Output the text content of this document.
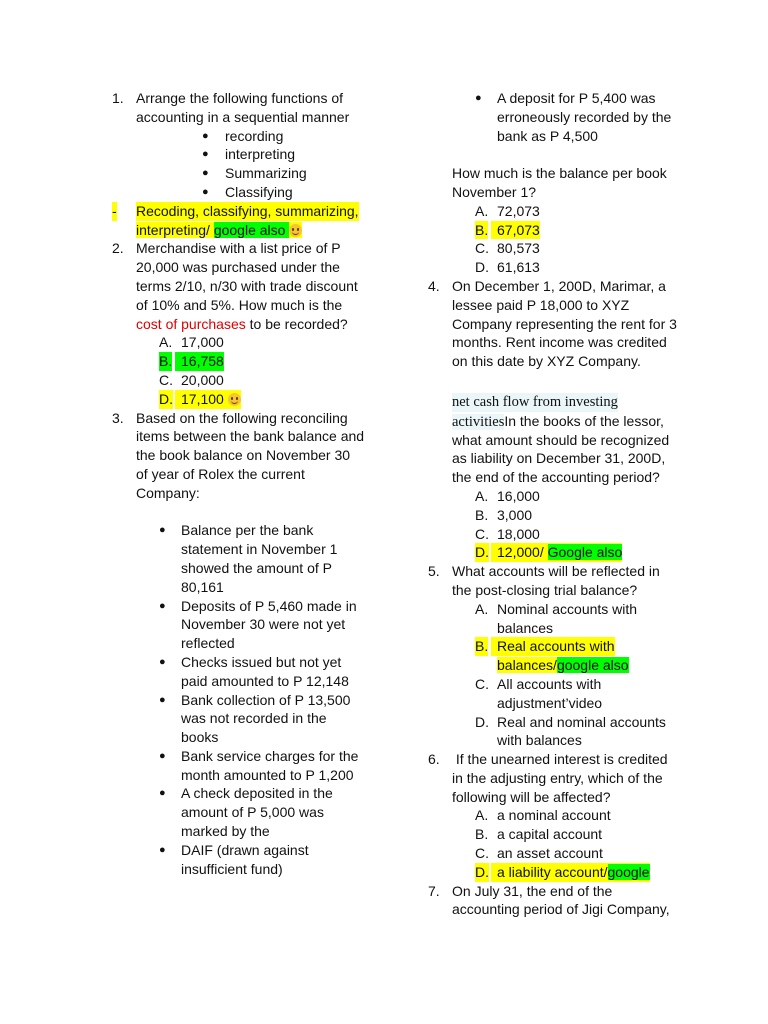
1. Arrange the following functions of
accounting in a sequential manner
● recording
● interpreting
● Summarizing
● Classifying
- Recoding, classifying, summarizing,
interpreting/ google also
2. Merchandise with a list price of P
20,000 was purchased under the
terms 2/10, n/30 with trade discount
of 10% and 5%. How much is the
cost of purchases to be recorded?
A. 17,000
B. 16,758
C. 20,000
D. 17,100
3. Based on the following reconciling
items between the bank balance and
the book balance on November 30
of year of Rolex the current
Company:
● Balance per the bank
statement in November 1
showed the amount of P
80,161
● Deposits of P 5,460 made in
November 30 were not yet
reflected
● Checks issued but not yet
paid amounted to P 12,148
● Bank collection of P 13,500
was not recorded in the
books
● Bank service charges for the
month amounted to P 1,200
● A check deposited in the
amount of P 5,000 was
marked by the
● DAIF (drawn against
insufficient fund)
● A deposit for P 5,400 was
erroneously recorded by the
bank as P 4,500
How much is the balance per book
November 1?
A. 72,073
B. 67,073
C. 80,573
D. 61,613
4. On December 1, 200D, Marimar, a
lessee paid P 18,000 to XYZ
Company representing the rent for 3
months. Rent income was credited
on this date by XYZ Company.
net cash flow from investing
activitiesIn the books of the lessor,
what amount should be recognized
as liability on December 31, 200D,
the end of the accounting period?
A. 16,000
B. 3,000
C. 18,000
D. 12,000/ Google also
5. What accounts will be reflected in
the post-closing trial balance?
A. Nominal accounts with
balances
B. Real accounts with
balances/google also
C. All accounts with
adjustment’video
D. Real and nominal accounts
with balances
6. If the unearned interest is credited
in the adjusting entry, which of the
following will be affected?
A. a nominal account
B. a capital account
C. an asset account
D. a liability account/google
7. On July 31, the end of the
accounting period of Jigi Company,
